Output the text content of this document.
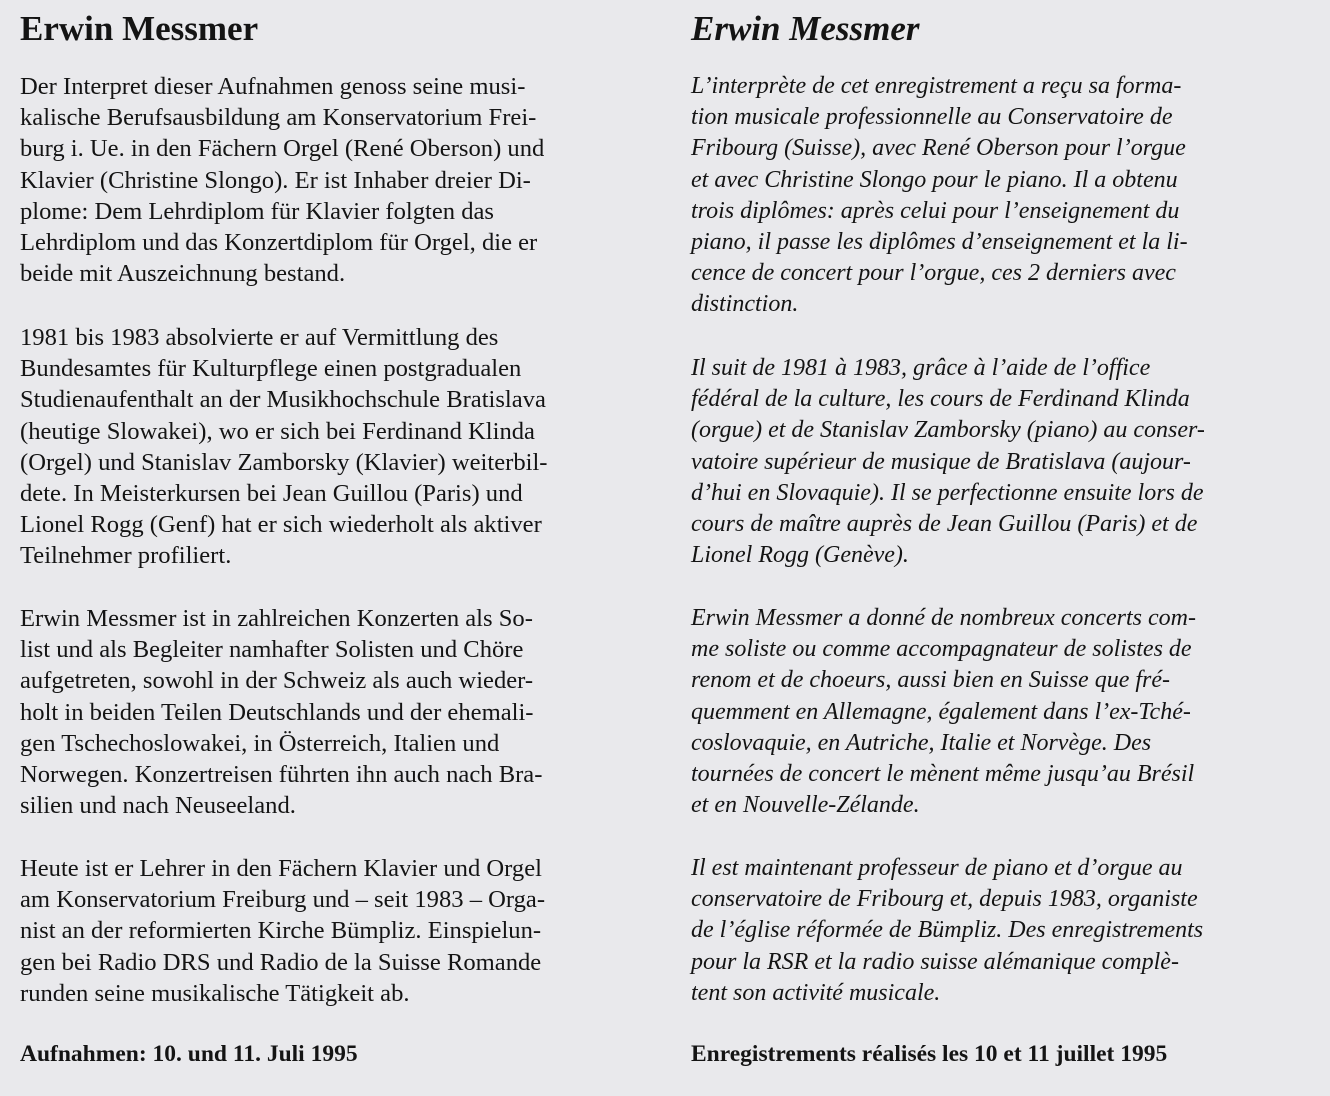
Erwin Messmer
Der Interpret dieser Aufnahmen genoss seine musi-
kalische Berufsausbildung am Konservatorium Frei-
burg i. Ue. in den Fächern Orgel (René Oberson) und
Klavier (Christine Slongo). Er ist Inhaber dreier Di-
plome: Dem Lehrdiplom für Klavier folgten das
Lehrdiplom und das Konzertdiplom für Orgel, die er
beide mit Auszeichnung bestand.
1981 bis 1983 absolvierte er auf Vermittlung des
Bundesamtes für Kulturpflege einen postgradualen
Studienaufenthalt an der Musikhochschule Bratislava
(heutige Slowakei), wo er sich bei Ferdinand Klinda
(Orgel) und Stanislav Zamborsky (Klavier) weiterbil-
dete. In Meisterkursen bei Jean Guillou (Paris) und
Lionel Rogg (Genf) hat er sich wiederholt als aktiver
Teilnehmer profiliert.
Erwin Messmer ist in zahlreichen Konzerten als So-
list und als Begleiter namhafter Solisten und Chöre
aufgetreten, sowohl in der Schweiz als auch wieder-
holt in beiden Teilen Deutschlands und der ehemali-
gen Tschechoslowakei, in Österreich, Italien und
Norwegen. Konzertreisen führten ihn auch nach Bra-
silien und nach Neuseeland.
Heute ist er Lehrer in den Fächern Klavier und Orgel
am Konservatorium Freiburg und – seit 1983 – Orga-
nist an der reformierten Kirche Bümpliz. Einspielun-
gen bei Radio DRS und Radio de la Suisse Romande
runden seine musikalische Tätigkeit ab.

Aufnahmen: 10. und 11. Juli 1995

Erwin Messmer
L’interprète de cet enregistrement a reçu sa forma-
tion musicale professionnelle au Conservatoire de
Fribourg (Suisse), avec René Oberson pour l’orgue
et avec Christine Slongo pour le piano. Il a obtenu
trois diplômes: après celui pour l’enseignement du
piano, il passe les diplômes d’enseignement et la li-
cence de concert pour l’orgue, ces 2 derniers avec
distinction.
Il suit de 1981 à 1983, grâce à l’aide de l’office
fédéral de la culture, les cours de Ferdinand Klinda
(orgue) et de Stanislav Zamborsky (piano) au conser-
vatoire supérieur de musique de Bratislava (aujour-
d’hui en Slovaquie). Il se perfectionne ensuite lors de
cours de maître auprès de Jean Guillou (Paris) et de
Lionel Rogg (Genève).
Erwin Messmer a donné de nombreux concerts com-
me soliste ou comme accompagnateur de solistes de
renom et de choeurs, aussi bien en Suisse que fré-
quemment en Allemagne, également dans l’ex-Tché-
coslovaquie, en Autriche, Italie et Norvège. Des
tournées de concert le mènent même jusqu’au Brésil
et en Nouvelle-Zélande.
Il est maintenant professeur de piano et d’orgue au
conservatoire de Fribourg et, depuis 1983, organiste
de l’église réformée de Bümpliz. Des enregistrements
pour la RSR et la radio suisse alémanique complè-
tent son activité musicale.

Enregistrements réalisés les 10 et 11 juillet 1995
